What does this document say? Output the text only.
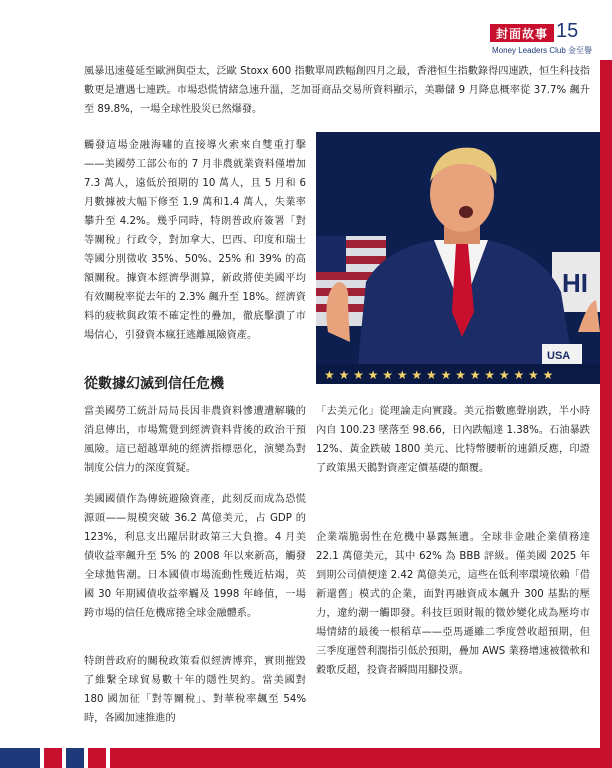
封面故事 15
Money Leaders Club 金至譽

風暴迅速蔓延至歐洲與亞太，泛歐 Stoxx 600 指數單周跌幅創四月之最，香港恒生指數錄得四連跌，恒生科技指數更是遭遇七連跌。市場恐慌情緒急速升溫，芝加哥商品交易所資料顯示，美聯儲 9 月降息概率從 37.7% 飆升至 89.8%，一場全球性股災已然爆發。

觸發這場金融海嘯的直接導火索來自雙重打擊——美國勞工部公布的 7 月非農就業資料僅增加 7.3 萬人，遠低於預期的 10 萬人，且 5 月和 6 月數據被大幅下修至 1.9 萬和1.4 萬人，失業率攀升至 4.2%。幾乎同時，特朗普政府簽署「對等關稅」行政令，對加拿大、巴西、印度和瑞士等國分別徵收 35%、50%、25% 和 39% 的高額關稅。據資本經濟學測算，新政將使美國平均有效關稅率從去年的 2.3% 飆升至 18%。經濟資料的疲軟與政策不確定性的疊加，徹底擊潰了市場信心，引發資本瘋狂逃離風險資產。

HI
USA
★ ★ ★ ★ ★ ★ ★ ★ ★ ★ ★ ★ ★ ★ ★ ★
從數據幻滅到信任危機

當美國勞工統計局局長因非農資料慘遭遭解職的消息傳出，市場驚覺到經濟資料背後的政治干預風險。這已超越單純的經濟指標惡化，演變為對制度公信力的深度質疑。

美國國債作為傳統避險資產，此刻反而成為恐慌源頭——規模突破 36.2 萬億美元，占 GDP 的 123%，利息支出躍居財政第三大負擔。4 月美債收益率飆升至 5% 的 2008 年以來新高，觸發全球拋售潮。日本國債市場流動性幾近枯竭，英國 30 年期國債收益率觸及 1998 年峰值，一場跨市場的信任危機席捲全球金融體系。

特朗普政府的關稅政策看似經濟博弈，實則摧毀了維繫全球貿易數十年的隱性契約。當美國對 180 國加征「對等關稅」、對華稅率飆至 54% 時，各國加速推進的

「去美元化」從理論走向實踐。美元指數應聲崩跌，半小時內自 100.23 墜落至 98.66，日內跌幅達 1.38%。石油暴跌 12%、黃金跌破 1800 美元、比特幣腰斬的連鎖反應，印證了政策黑天鵝對資產定價基礎的顛覆。

企業端脆弱性在危機中暴露無遺。全球非金融企業債務達 22.1 萬億美元，其中 62% 為 BBB 評級。僅美國 2025 年到期公司債便達 2.42 萬億美元，這些在低利率環境依賴「借新還舊」模式的企業，面對再融資成本飆升 300 基點的壓力，違約潮一觸即發。科技巨頭財報的微妙變化成為壓垮市場情緒的最後一根稻草——亞馬遜雖二季度營收超預期，但三季度運營利潤指引低於預期，疊加 AWS 業務增速被微軟和穀歌反超，投資者瞬間用腳投票。
